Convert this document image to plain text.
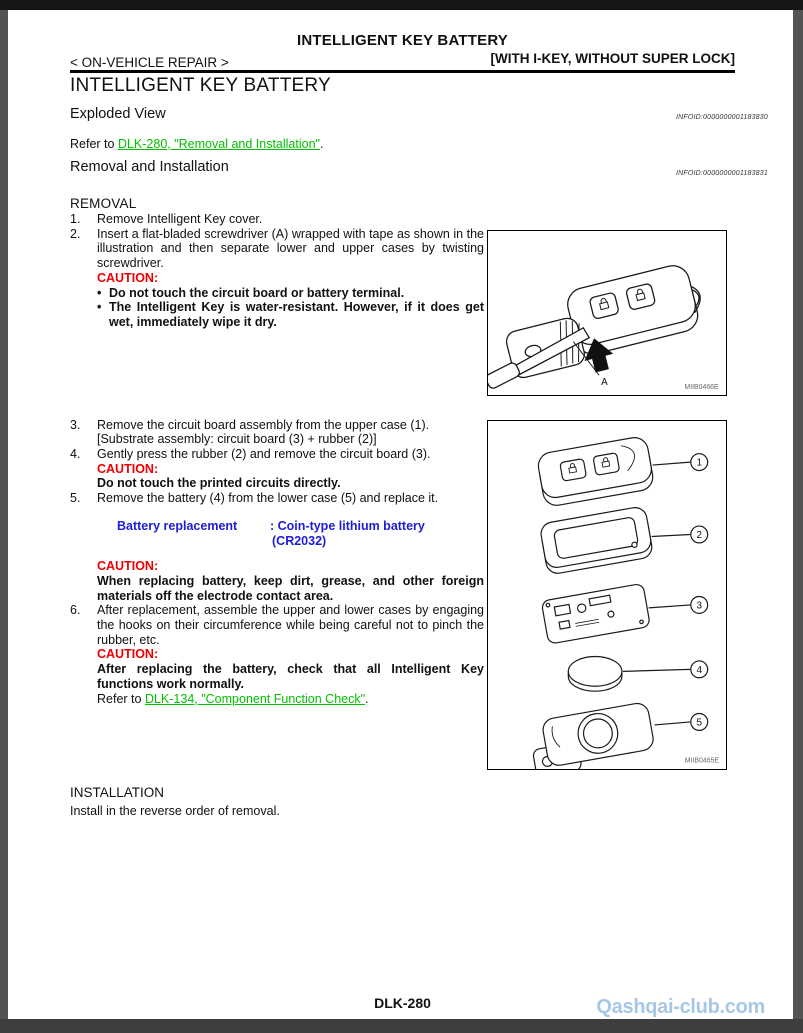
INTELLIGENT KEY BATTERY
< ON-VEHICLE REPAIR >	[WITH I-KEY, WITHOUT SUPER LOCK]
INTELLIGENT KEY BATTERY
Exploded View	INFOID:0000000001183830
Refer to DLK-280, "Removal and Installation".
Removal and Installation	INFOID:0000000001183831
REMOVAL
1. Remove Intelligent Key cover.
2. Insert a flat-bladed screwdriver (A) wrapped with tape as shown in the illustration and then separate lower and upper cases by twisting screwdriver.
CAUTION:
• Do not touch the circuit board or battery terminal.
• The Intelligent Key is water-resistant. However, if it does get wet, immediately wipe it dry.
3. Remove the circuit board assembly from the upper case (1).
[Substrate assembly: circuit board (3) + rubber (2)]
4. Gently press the rubber (2) and remove the circuit board (3).
CAUTION:
Do not touch the printed circuits directly.
5. Remove the battery (4) from the lower case (5) and replace it.
Battery replacement	: Coin-type lithium battery
(CR2032)
CAUTION:
When replacing battery, keep dirt, grease, and other foreign materials off the electrode contact area.
6. After replacement, assemble the upper and lower cases by engaging the hooks on their circumference while being careful not to pinch the rubber, etc.
CAUTION:
After replacing the battery, check that all Intelligent Key functions work normally.
Refer to DLK-134, "Component Function Check".
A	MIIB0466E
1
2
3
4
5
MIIB0465E
INSTALLATION
Install in the reverse order of removal.
DLK-280	Qashqai-club.com
